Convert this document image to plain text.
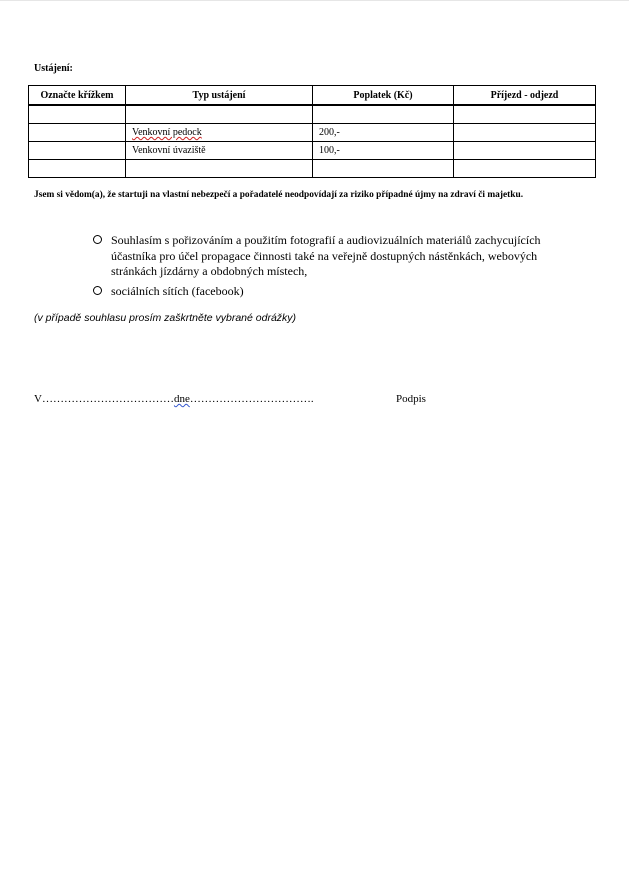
Ustájení:
Označte křížkem	Typ ustájení	Poplatek (Kč)	Příjezd - odjezd

	Venkovní pedock	200,-	
	Venkovní úvaziště	100,-	

Jsem si vědom(a), že startuji na vlastní nebezpečí a pořadatelé neodpovídají za riziko případné újmy na zdraví či majetku.
Souhlasím s pořizováním a použitím fotografií a audiovizuálních materiálů zachycujících účastníka pro účel propagace činnosti také na veřejně dostupných nástěnkách, webových stránkách jízdárny a obdobných místech,
sociálních sítích (facebook)
(v případě souhlasu prosím zaškrtněte vybrané odrážky)
V………………………………dne…………………………….	Podpis
